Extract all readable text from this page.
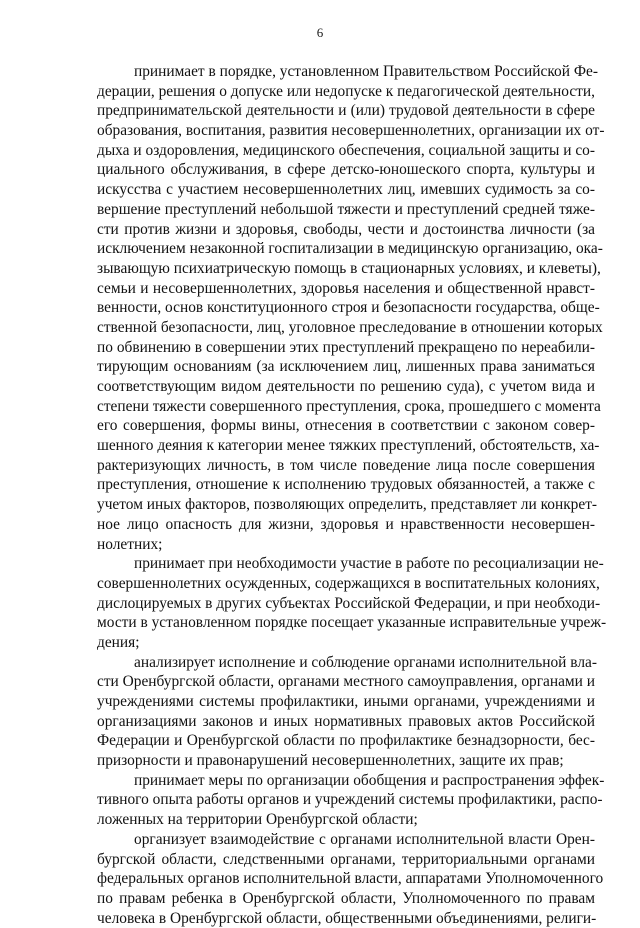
6
принимает в порядке, установленном Правительством Российской Фе-
дерации, решения о допуске или недопуске к педагогической деятельности,
предпринимательской деятельности и (или) трудовой деятельности в сфере
образования, воспитания, развития несовершеннолетних, организации их от-
дыха и оздоровления, медицинского обеспечения, социальной защиты и со-
циального обслуживания, в сфере детско-юношеского спорта, культуры и
искусства с участием несовершеннолетних лиц, имевших судимость за со-
вершение преступлений небольшой тяжести и преступлений средней тяже-
сти против жизни и здоровья, свободы, чести и достоинства личности (за
исключением незаконной госпитализации в медицинскую организацию, ока-
зывающую психиатрическую помощь в стационарных условиях, и клеветы),
семьи и несовершеннолетних, здоровья населения и общественной нравст-
венности, основ конституционного строя и безопасности государства, обще-
ственной безопасности, лиц, уголовное преследование в отношении которых
по обвинению в совершении этих преступлений прекращено по нереабили-
тирующим основаниям (за исключением лиц, лишенных права заниматься
соответствующим видом деятельности по решению суда), с учетом вида и
степени тяжести совершенного преступления, срока, прошедшего с момента
его совершения, формы вины, отнесения в соответствии с законом совер-
шенного деяния к категории менее тяжких преступлений, обстоятельств, ха-
рактеризующих личность, в том числе поведение лица после совершения
преступления, отношение к исполнению трудовых обязанностей, а также с
учетом иных факторов, позволяющих определить, представляет ли конкрет-
ное лицо опасность для жизни, здоровья и нравственности несовершен-
нолетних;
принимает при необходимости участие в работе по ресоциализации не-
совершеннолетних осужденных, содержащихся в воспитательных колониях,
дислоцируемых в других субъектах Российской Федерации, и при необходи-
мости в установленном порядке посещает указанные исправительные учреж-
дения;
анализирует исполнение и соблюдение органами исполнительной вла-
сти Оренбургской области, органами местного самоуправления, органами и
учреждениями системы профилактики, иными органами, учреждениями и
организациями законов и иных нормативных правовых актов Российской
Федерации и Оренбургской области по профилактике безнадзорности, бес-
призорности и правонарушений несовершеннолетних, защите их прав;
принимает меры по организации обобщения и распространения эффек-
тивного опыта работы органов и учреждений системы профилактики, распо-
ложенных на территории Оренбургской области;
организует взаимодействие с органами исполнительной власти Орен-
бургской области, следственными органами, территориальными органами
федеральных органов исполнительной власти, аппаратами Уполномоченного
по правам ребенка в Оренбургской области, Уполномоченного по правам
человека в Оренбургской области, общественными объединениями, религи-
